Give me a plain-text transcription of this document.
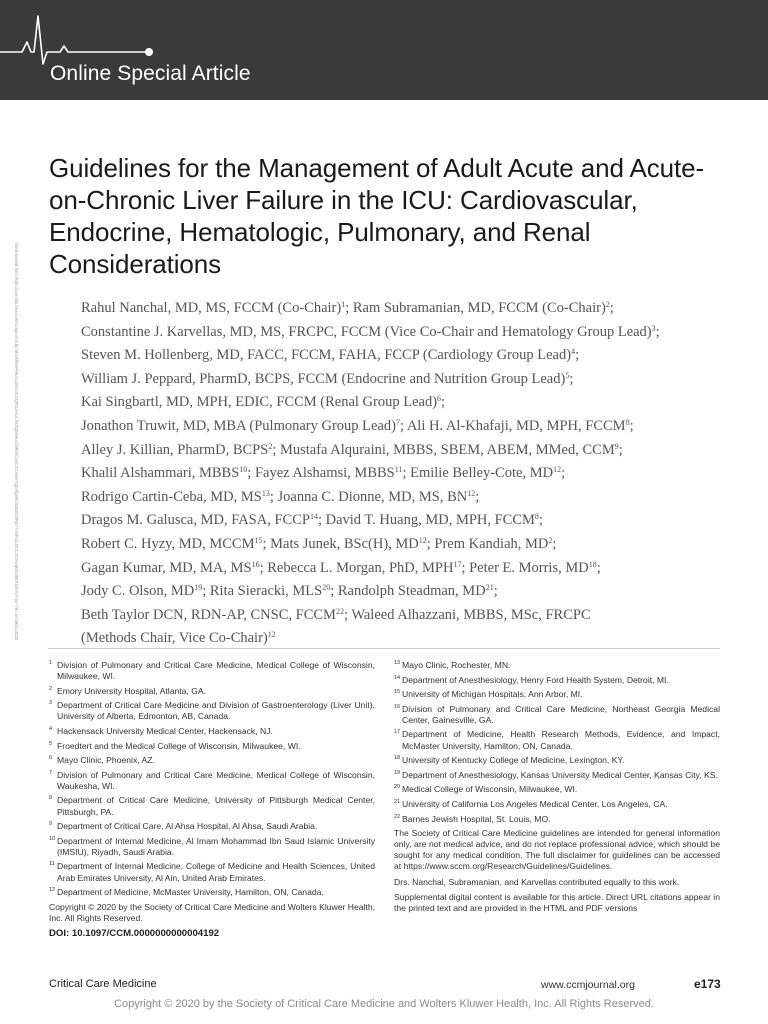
Online Special Article
Downloaded from https://journals.lww.com/ccmjournal by BhDMf5ePHKav1zEoum1tQfN4a+kJLhEZgbsIHo4XMi0hCywCX1AWnYQp/IlQrHD3i3D0OdRyi7TvSFl4Cf3VC4/OAVpDDa8KKGKV0Ymy+78= on 08/11/2020
Guidelines for the Management of Adult Acute and Acute-on-Chronic Liver Failure in the ICU: Cardiovascular, Endocrine, Hematologic, Pulmonary, and Renal Considerations
Rahul Nanchal, MD, MS, FCCM (Co-Chair)$^1$; Ram Subramanian, MD, FCCM (Co-Chair)$^2$;
Constantine J. Karvellas, MD, MS, FRCPC, FCCM (Vice Co-Chair and Hematology Group Lead)$^3$;
Steven M. Hollenberg, MD, FACC, FCCM, FAHA, FCCP (Cardiology Group Lead)$^4$;
William J. Peppard, PharmD, BCPS, FCCM (Endocrine and Nutrition Group Lead)$^5$;
Kai Singbartl, MD, MPH, EDIC, FCCM (Renal Group Lead)$^6$;
Jonathon Truwit, MD, MBA (Pulmonary Group Lead)$^7$; Ali H. Al-Khafaji, MD, MPH, FCCM$^8$;
Alley J. Killian, PharmD, BCPS$^2$; Mustafa Alquraini, MBBS, SBEM, ABEM, MMed, CCM$^9$;
Khalil Alshammari, MBBS$^{10}$; Fayez Alshamsi, MBBS$^{11}$; Emilie Belley-Cote, MD$^{12}$;
Rodrigo Cartin-Ceba, MD, MS$^{13}$; Joanna C. Dionne, MD, MS, BN$^{12}$;
Dragos M. Galusca, MD, FASA, FCCP$^{14}$; David T. Huang, MD, MPH, FCCM$^8$;
Robert C. Hyzy, MD, MCCM$^{15}$; Mats Junek, BSc(H), MD$^{12}$; Prem Kandiah, $MD^2$;
Gagan Kumar, MD, MA, MS$^{16}$; Rebecca L. Morgan, PhD, MPH$^{17}$; Peter E. Morris, MD$^{18}$;
Jody C. Olson, MD$^{19}$; Rita Sieracki, MLS$^{20}$; Randolph Steadman, MD$^{21}$;
Beth Taylor DCN, RDN-AP, CNSC, FCCM$^{22}$; Waleed Alhazzani, MBBS, MSc, FRCPC
(Methods Chair, Vice Co-Chair)$^{12}$
1 Division of Pulmonary and Critical Care Medicine, Medical College of Wisconsin, Milwaukee, WI.
2 Emory University Hospital, Atlanta, GA.
3 Department of Critical Care Medicine and Division of Gastroenterology (Liver Unit), University of Alberta, Edmonton, AB, Canada.
4 Hackensack University Medical Center, Hackensack, NJ.
5 Froedtert and the Medical College of Wisconsin, Milwaukee, WI.
6 Mayo Clinic, Phoenix, AZ.
7 Division of Pulmonary and Critical Care Medicine, Medical College of Wisconsin, Waukesha, WI.
8 Department of Critical Care Medicine, University of Pittsburgh Medical Center, Pittsburgh, PA.
9 Department of Critical Care, Al Ahsa Hospital, Al Ahsa, Saudi Arabia.
10 Department of Internal Medicine, Al Imam Mohammad Ibn Saud Islamic University (IMSIU), Riyadh, Saudi Arabia.
11 Department of Internal Medicine, College of Medicine and Health Sciences, United Arab Emirates University, Al Ain, United Arab Emirates.
12 Department of Medicine, McMaster University, Hamilton, ON, Canada.
Copyright © 2020 by the Society of Critical Care Medicine and Wolters Kluwer Health, Inc. All Rights Reserved.
DOI: 10.1097/CCM.0000000000004192
13 Mayo Clinic, Rochester, MN.
14 Department of Anesthesiology, Henry Ford Health System, Detroit, MI.
15 University of Michigan Hospitals, Ann Arbor, MI.
16 Division of Pulmonary and Critical Care Medicine, Northeast Georgia Medical Center, Gainesville, GA.
17 Department of Medicine, Health Research Methods, Evidence, and Impact, McMaster University, Hamilton, ON, Canada.
18 University of Kentucky College of Medicine, Lexington, KY.
19 Department of Anesthesiology, Kansas University Medical Center, Kansas City, KS.
20 Medical College of Wisconsin, Milwaukee, WI.
21 University of California Los Angeles Medical Center, Los Angeles, CA.
22 Barnes Jewish Hospital, St. Louis, MO.
The Society of Critical Care Medicine guidelines are intended for general information only, are not medical advice, and do not replace professional advice, which should be sought for any medical condition. The full disclaimer for guidelines can be accessed at https://www.sccm.org/Research/Guidelines/Guidelines.
Drs. Nanchal, Subramanian, and Karvellas contributed equally to this work.
Supplemental digital content is available for this article. Direct URL citations appear in the printed text and are provided in the HTML and PDF versions
Critical Care Medicine	www.ccmjournal.org	e173
Copyright © 2020 by the Society of Critical Care Medicine and Wolters Kluwer Health, Inc. All Rights Reserved.
